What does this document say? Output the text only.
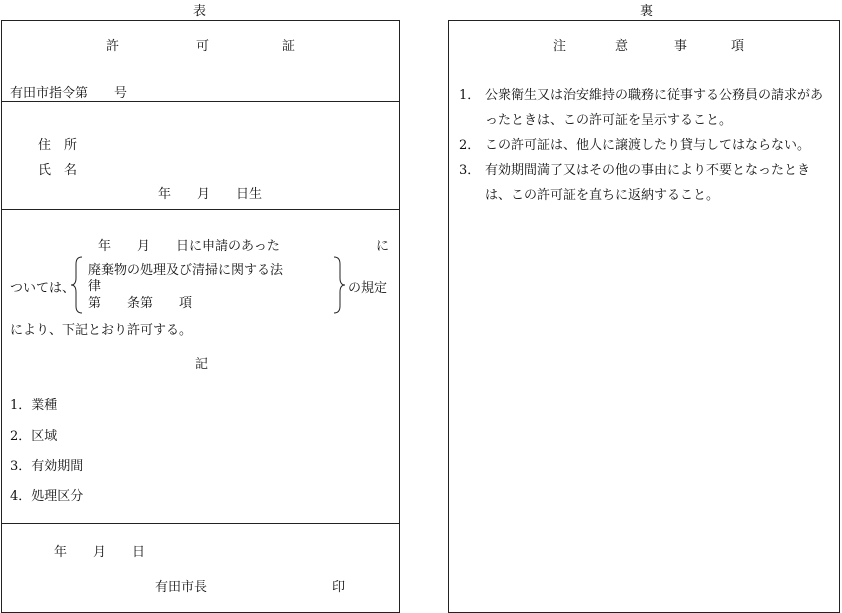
表	裏
許	可	証
有田市指令第　　号
住　所
氏　名
年　　月　　日生
年　　月　　日に申請のあった	に
ついては、
廃棄物の処理及び清掃に関する法
律
第　　条第　　項
の規定
により、下記とおり許可する。
記
1．業種
2．区域
3．有効期間
4．処理区分
年　　月　　日
有田市長	印
注	意	事	項
1． 公衆衛生又は治安維持の職務に従事する公務員の請求があったときは、この許可証を呈示すること。
2． この許可証は、他人に譲渡したり貸与してはならない。
3． 有効期間満了又はその他の事由により不要となったときは、この許可証を直ちに返納すること。
